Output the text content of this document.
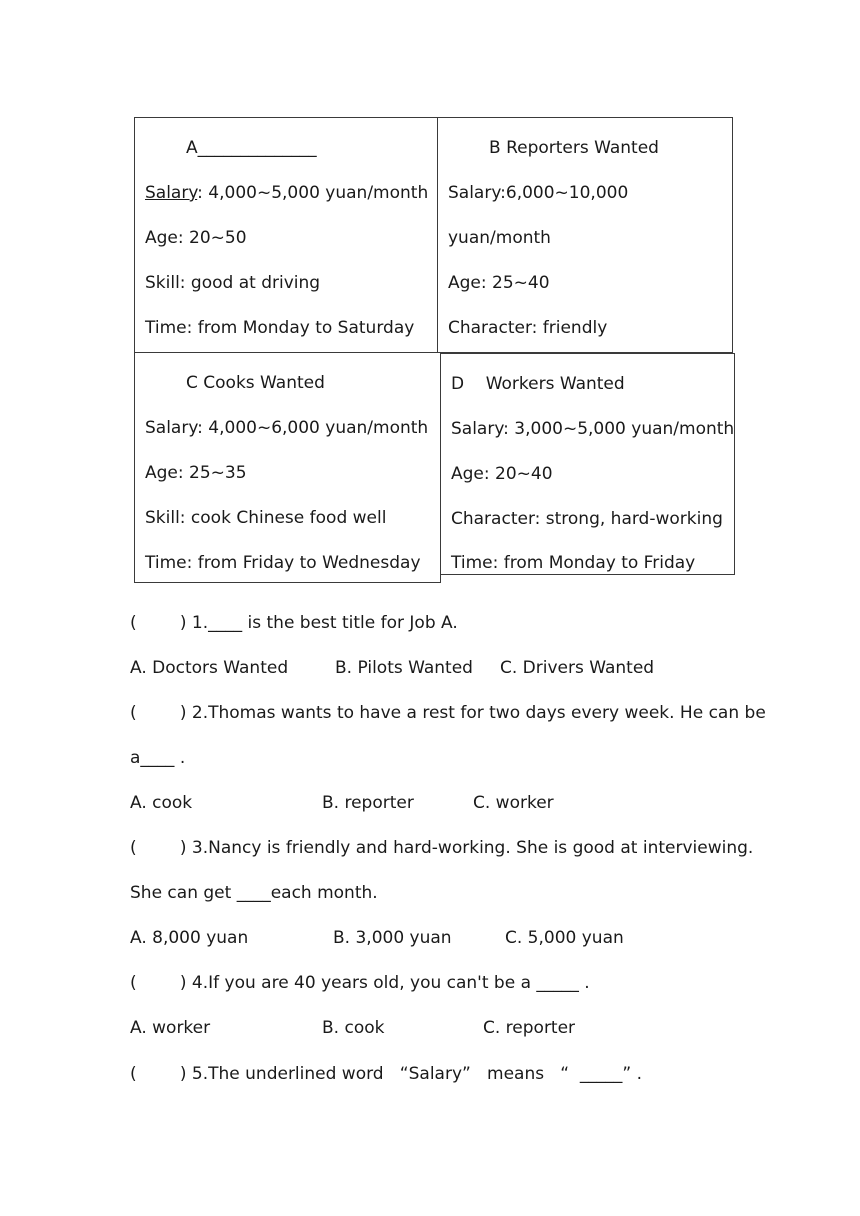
A______________
Salary: 4,000~5,000 yuan/month
Age: 20~50
Skill: good at driving
Time: from Monday to Saturday
B Reporters Wanted
Salary:6,000~10,000
yuan/month
Age: 25~40
Character: friendly
C Cooks Wanted
Salary: 4,000~6,000 yuan/month
Age: 25~35
Skill: cook Chinese food well
Time: from Friday to Wednesday
D    Workers Wanted
Salary: 3,000~5,000 yuan/month
Age: 20~40
Character: strong, hard-working
Time: from Monday to Friday
(        ) 1.____ is the best title for Job A.
A. Doctors Wanted	B. Pilots Wanted C. Drivers Wanted
(        ) 2.Thomas wants to have a rest for two days every week. He can be
a____ .
A. cook	B. reporter	C. worker
(        ) 3.Nancy is friendly and hard-working. She is good at interviewing.
She can get ____each month.
A. 8,000 yuan	B. 3,000 yuan	C. 5,000 yuan
(        ) 4.If you are 40 years old, you can't be a _____ .
A. worker	B. cook	C. reporter
(        ) 5.The underlined word   “Salary”   means   “  _____” .
